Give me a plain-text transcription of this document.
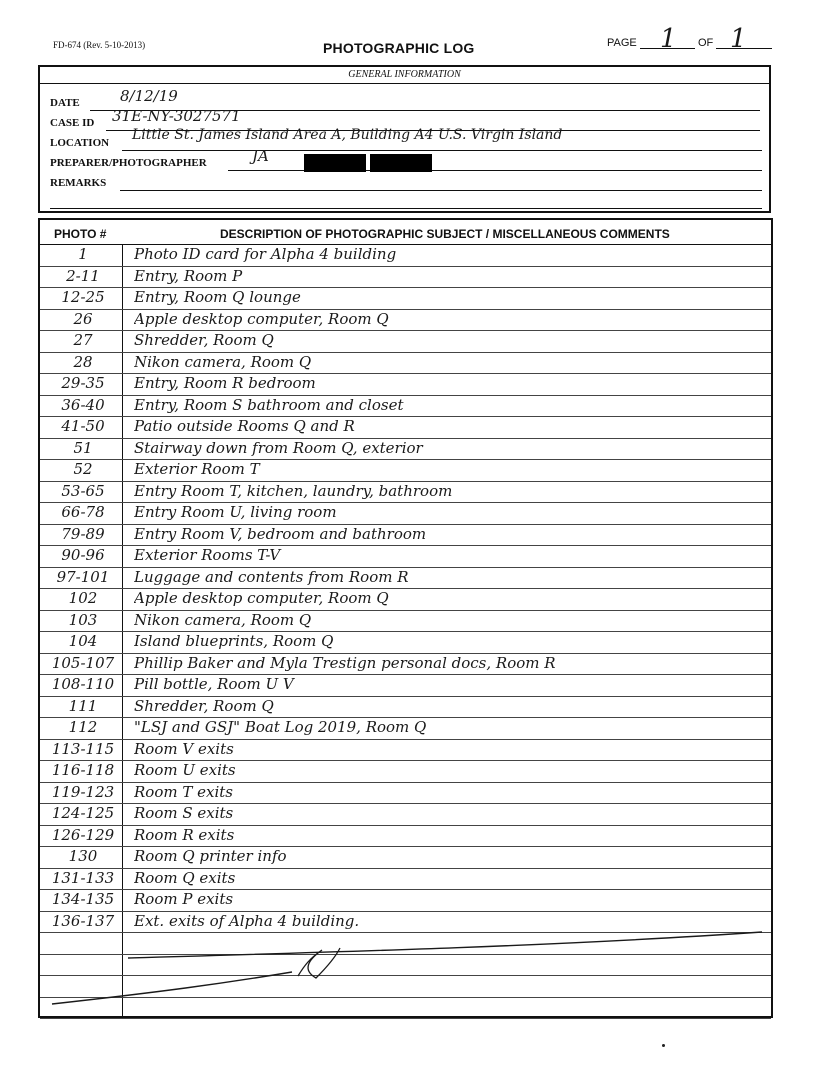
FD-674 (Rev. 5-10-2013)	PHOTOGRAPHIC LOG	PAGE 1 OF 1
GENERAL INFORMATION
DATE	8/12/19
CASE ID 31E-NY-3027571
LOCATION Little St. James Island Area A, Building A4 U.S. Virgin Island
PREPARER/PHOTOGRAPHER	JA
REMARKS
PHOTO #	DESCRIPTION OF PHOTOGRAPHIC SUBJECT / MISCELLANEOUS COMMENTS
1	Photo ID card for Alpha 4 building
2-11	Entry, Room P
12-25	Entry, Room Q lounge
26	Apple desktop computer, Room Q
27	Shredder, Room Q
28	Nikon camera, Room Q
29-35	Entry, Room R bedroom
36-40	Entry, Room S bathroom and closet
41-50	Patio outside Rooms Q and R
51	Stairway down from Room Q, exterior
52	Exterior Room T
53-65	Entry Room T, kitchen, laundry, bathroom
66-78	Entry Room U, living room
79-89	Entry Room V, bedroom and bathroom
90-96	Exterior Rooms T-V
97-101	Luggage and contents from Room R
102	Apple desktop computer, Room Q
103	Nikon camera, Room Q
104	Island blueprints, Room Q
105-107	Phillip Baker and Myla Trestign personal docs, Room R
108-110	Pill bottle, Room U V
111	Shredder, Room Q
112	"LSJ and GSJ" Boat Log 2019, Room Q
113-115	Room V exits
116-118	Room U exits
119-123	Room T exits
124-125	Room S exits
126-129	Room R exits
130	Room Q printer info
131-133	Room Q exits
134-135	Room P exits
136-137	Ext. exits of Alpha 4 building.
